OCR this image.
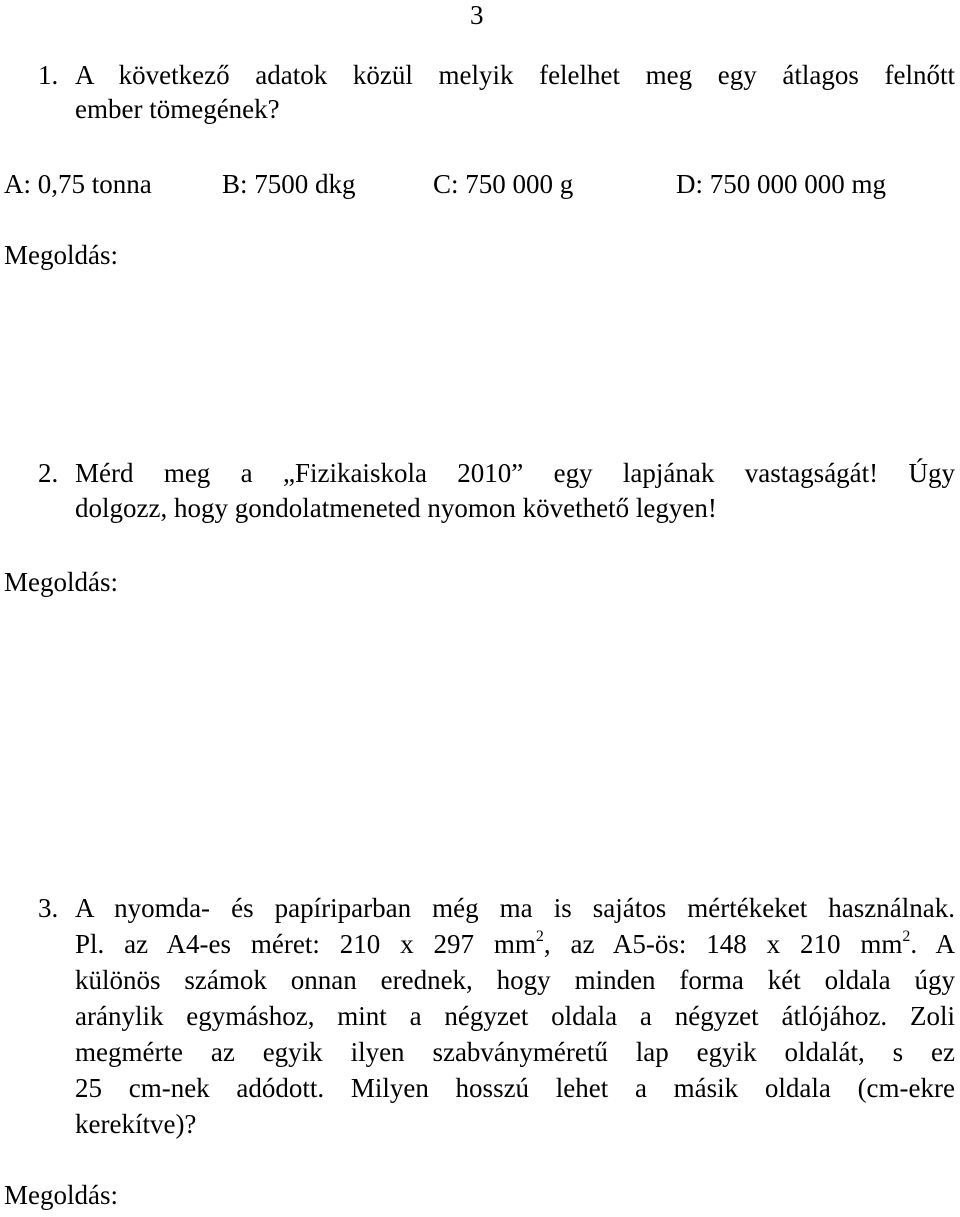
3
1. A következő adatok közül melyik felelhet meg egy átlagos felnőtt
ember tömegének?
A: 0,75 tonna	B: 7500 dkg	C: 750 000 g	D: 750 000 000 mg
Megoldás:
2. Mérd meg a „Fizikaiskola 2010” egy lapjának vastagságát! Úgy
dolgozz, hogy gondolatmeneted nyomon követhető legyen!
Megoldás:
3. A nyomda- és papíriparban még ma is sajátos mértékeket használnak.
Pl. az A4-es méret: 210 x 297 $mm^2$, az A5-ös: 148 x 210 $mm^2$. A
különös számok onnan erednek, hogy minden forma két oldala úgy
aránylik egymáshoz, mint a négyzet oldala a négyzet átlójához. Zoli
megmérte az egyik ilyen szabványméretű lap egyik oldalát, s ez
25 cm-nek adódott. Milyen hosszú lehet a másik oldala (cm-ekre
kerekítve)?
Megoldás:
